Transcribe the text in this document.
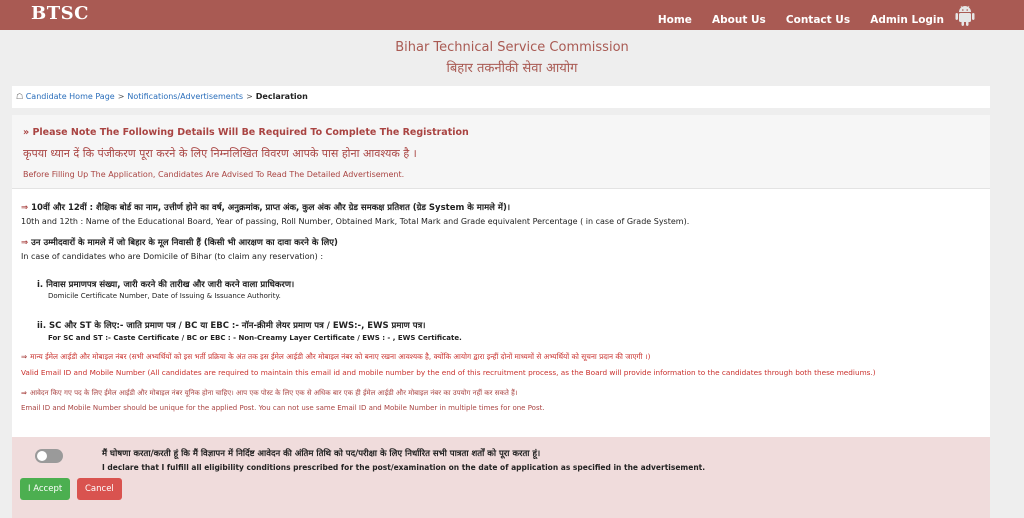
BTSC	Home About Us Contact Us Admin Login
Bihar Technical Service Commission
बिहार तकनीकी सेवा आयोग
☖ Candidate Home Page > Notifications/Advertisements > Declaration
» Please Note The Following Details Will Be Required To Complete The Registration
कृपया ध्यान दें कि पंजीकरण पूरा करने के लिए निम्नलिखित विवरण आपके पास होना आवश्यक है ।
Before Filling Up The Application, Candidates Are Advised To Read The Detailed Advertisement.
⇒ 10वीं और 12वीं : शैक्षिक बोर्ड का नाम, उत्तीर्ण होने का वर्ष, अनुक्रमांक, प्राप्त अंक, कुल अंक और ग्रेड समकक्ष प्रतिशत (ग्रेड System के मामले में)।
10th and 12th : Name of the Educational Board, Year of passing, Roll Number, Obtained Mark, Total Mark and Grade equivalent Percentage ( in case of Grade System).
⇒ उन उम्मीदवारों के मामले में जो बिहार के मूल निवासी हैं (किसी भी आरक्षण का दावा करने के लिए)
In case of candidates who are Domicile of Bihar (to claim any reservation) :
i. निवास प्रमाणपत्र संख्या, जारी करने की तारीख और जारी करने वाला प्राधिकरण।
Domicile Certificate Number, Date of Issuing & Issuance Authority.
ii. SC और ST के लिए:- जाति प्रमाण पत्र / BC या EBC :- नॉन-क्रीमी लेयर प्रमाण पत्र / EWS:-, EWS प्रमाण पत्र।
For SC and ST :- Caste Certificate / BC or EBC : - Non-Creamy Layer Certificate / EWS : - , EWS Certificate.
⇒ मान्य ईमेल आईडी और मोबाइल नंबर (सभी अभ्यर्थियों को इस भर्ती प्रक्रिया के अंत तक इस ईमेल आईडी और मोबाइल नंबर को बनाए रखना आवश्यक है, क्योंकि आयोग द्वारा इन्हीं दोनों माध्यमों से अभ्यर्थियों को सूचना प्रदान की जाएगी ।)
Valid Email ID and Mobile Number (All candidates are required to maintain this email id and mobile number by the end of this recruitment process, as the Board will provide information to the candidates through both these mediums.)
⇒ आवेदन किए गए पद के लिए ईमेल आईडी और मोबाइल नंबर यूनिक होना चाहिए। आप एक पोस्ट के लिए एक से अधिक बार एक ही ईमेल आईडी और मोबाइल नंबर का उपयोग नहीं कर सकते हैं।
Email ID and Mobile Number should be unique for the applied Post. You can not use same Email ID and Mobile Number in multiple times for one Post.
मैं घोषणा करता/करती हूं कि मैं विज्ञापन में निर्दिष्ट आवेदन की अंतिम तिथि को पद/परीक्षा के लिए निर्धारित सभी पात्रता शर्तों को पूरा करता हूं।
I declare that I fulfill all eligibility conditions prescribed for the post/examination on the date of application as specified in the advertisement.
I Accept	Cancel
